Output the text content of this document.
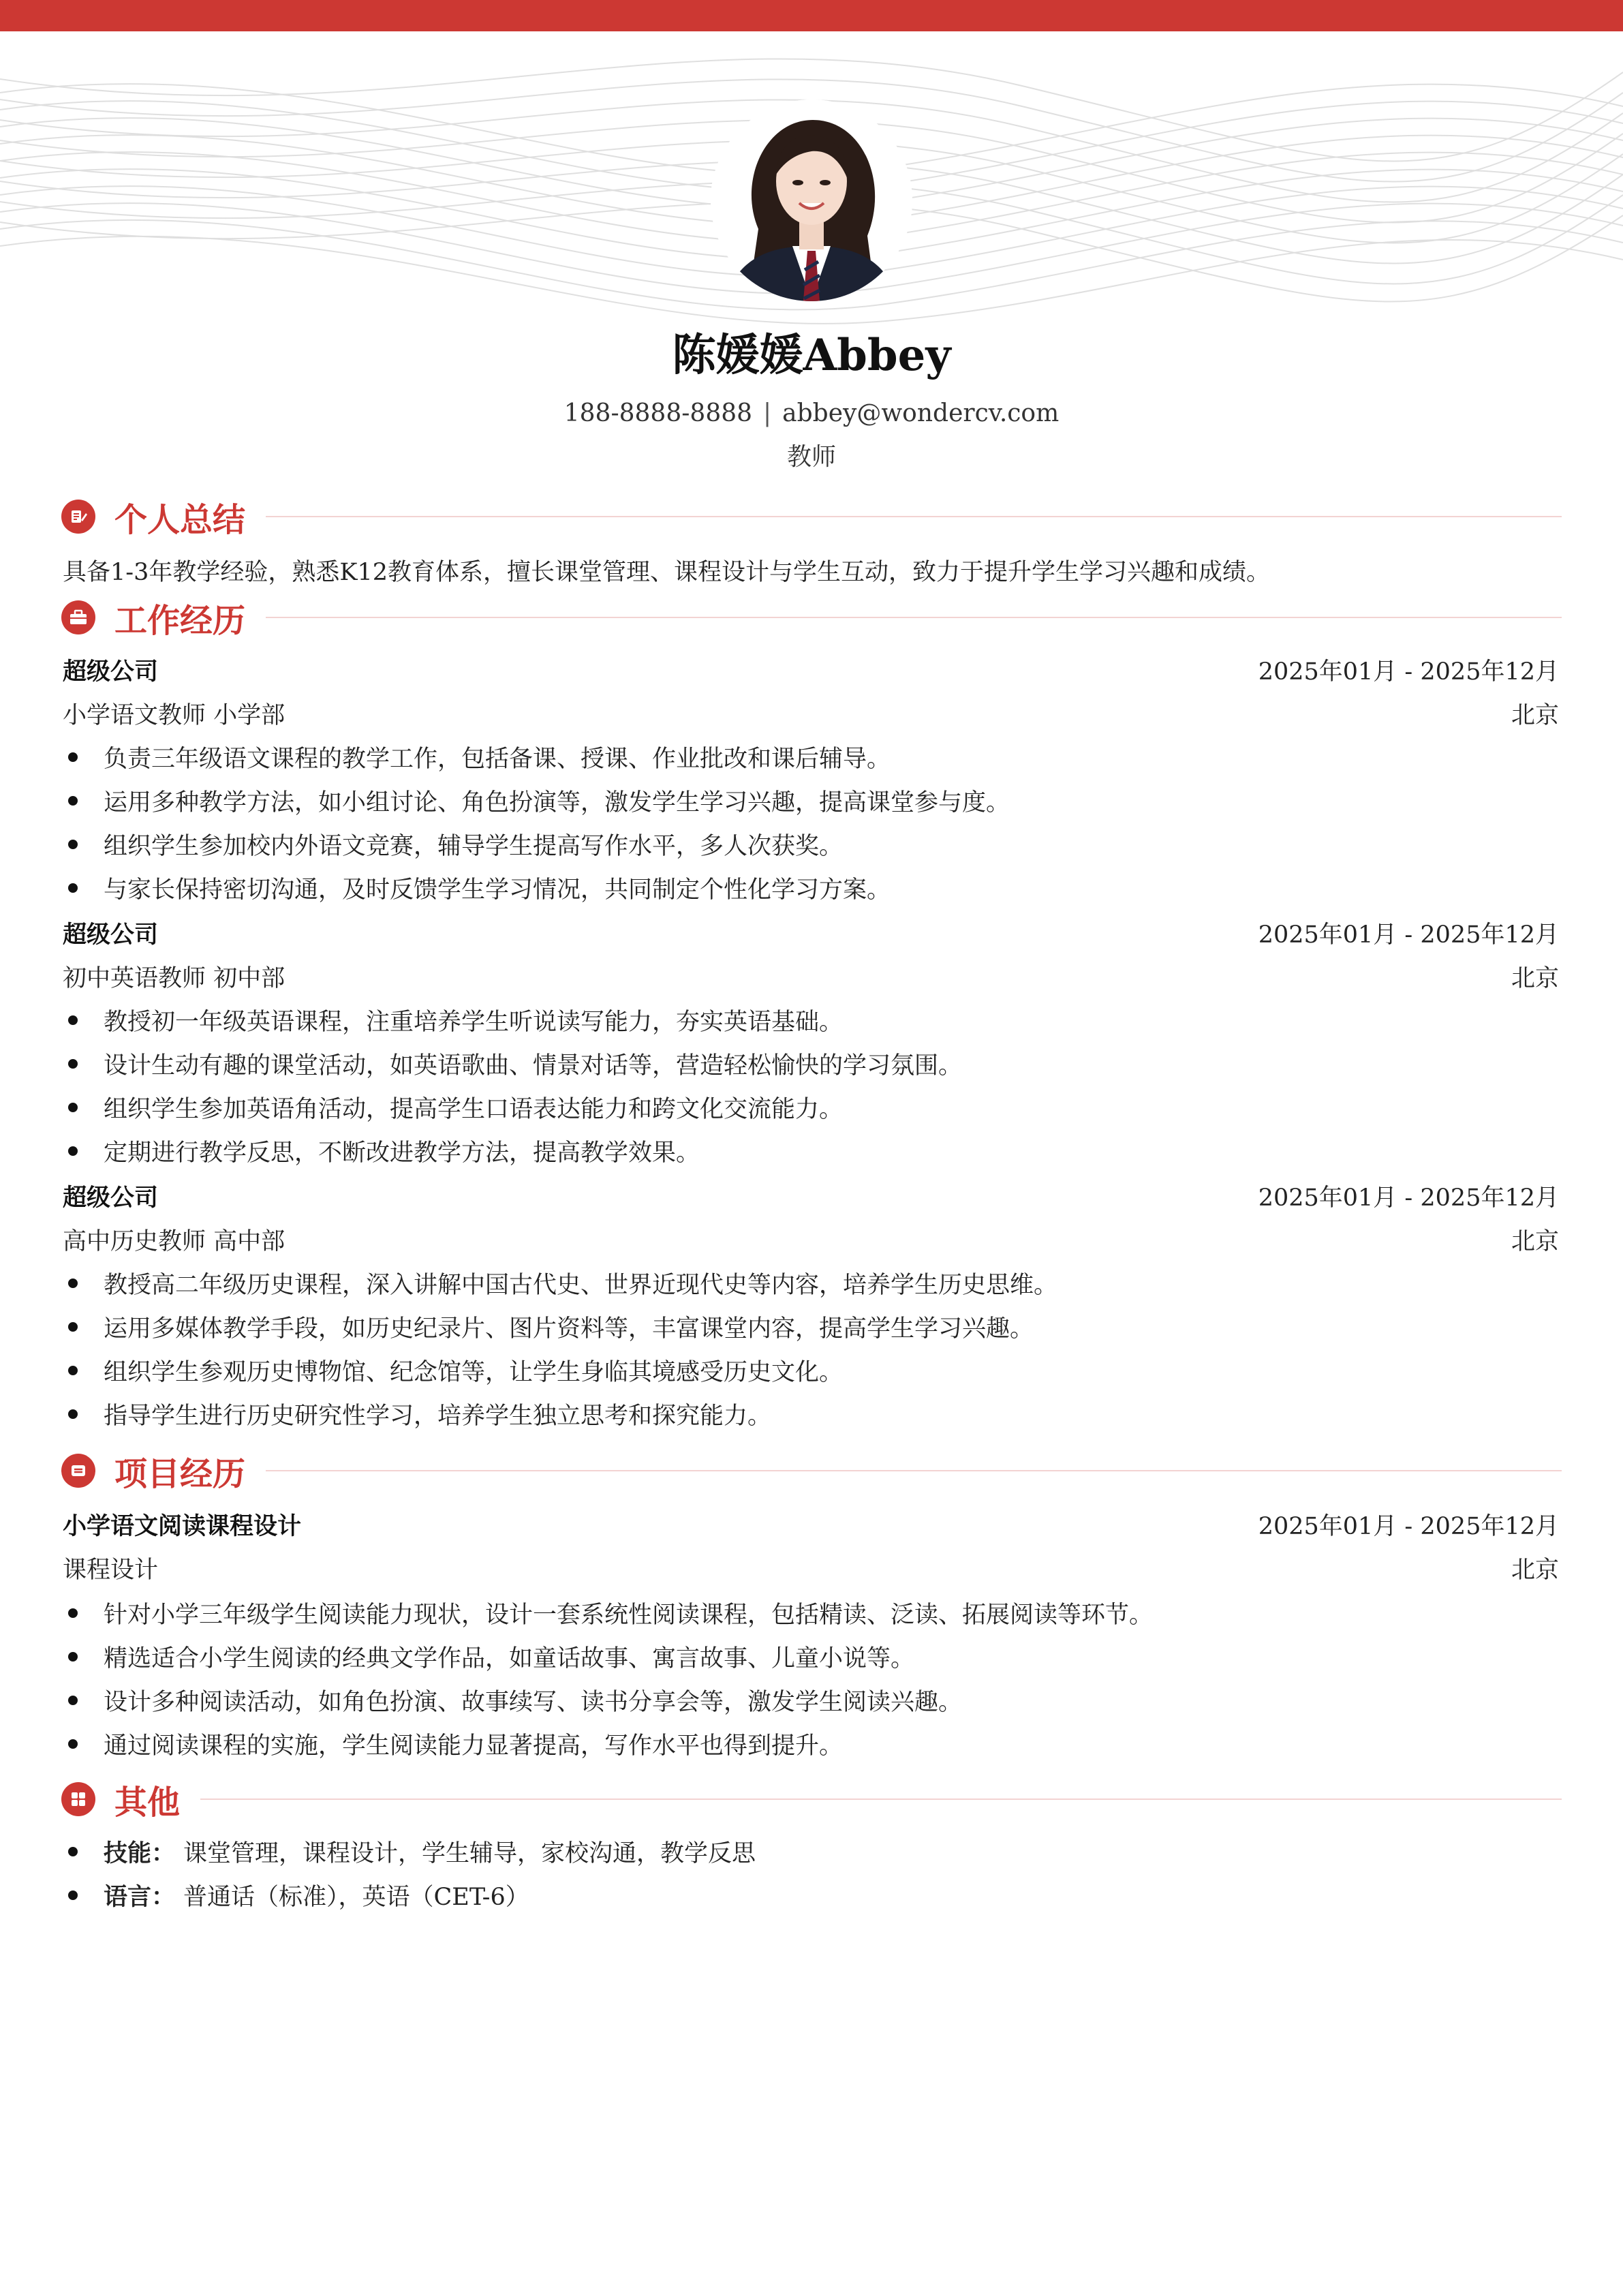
陈媛媛Abbey
188-8888-8888 | abbey@wondercv.com
教师
个人总结
具备1-3年教学经验，熟悉K12教育体系，擅长课堂管理、课程设计与学生互动，致力于提升学生学习兴趣和成绩。
工作经历
超级公司	2025年01月 - 2025年12月
小学语文教师 小学部	北京
负责三年级语文课程的教学工作，包括备课、授课、作业批改和课后辅导。
运用多种教学方法，如小组讨论、角色扮演等，激发学生学习兴趣，提高课堂参与度。
组织学生参加校内外语文竞赛，辅导学生提高写作水平，多人次获奖。
与家长保持密切沟通，及时反馈学生学习情况，共同制定个性化学习方案。
超级公司	2025年01月 - 2025年12月
初中英语教师 初中部	北京
教授初一年级英语课程，注重培养学生听说读写能力，夯实英语基础。
设计生动有趣的课堂活动，如英语歌曲、情景对话等，营造轻松愉快的学习氛围。
组织学生参加英语角活动，提高学生口语表达能力和跨文化交流能力。
定期进行教学反思，不断改进教学方法，提高教学效果。
超级公司	2025年01月 - 2025年12月
高中历史教师 高中部	北京
教授高二年级历史课程，深入讲解中国古代史、世界近现代史等内容，培养学生历史思维。
运用多媒体教学手段，如历史纪录片、图片资料等，丰富课堂内容，提高学生学习兴趣。
组织学生参观历史博物馆、纪念馆等，让学生身临其境感受历史文化。
指导学生进行历史研究性学习，培养学生独立思考和探究能力。
项目经历
小学语文阅读课程设计	2025年01月 - 2025年12月
课程设计	北京
针对小学三年级学生阅读能力现状，设计一套系统性阅读课程，包括精读、泛读、拓展阅读等环节。
精选适合小学生阅读的经典文学作品，如童话故事、寓言故事、儿童小说等。
设计多种阅读活动，如角色扮演、故事续写、读书分享会等，激发学生阅读兴趣。
通过阅读课程的实施，学生阅读能力显著提高，写作水平也得到提升。
其他
技能： 课堂管理，课程设计，学生辅导，家校沟通，教学反思
语言： 普通话（标准），英语（CET-6）
